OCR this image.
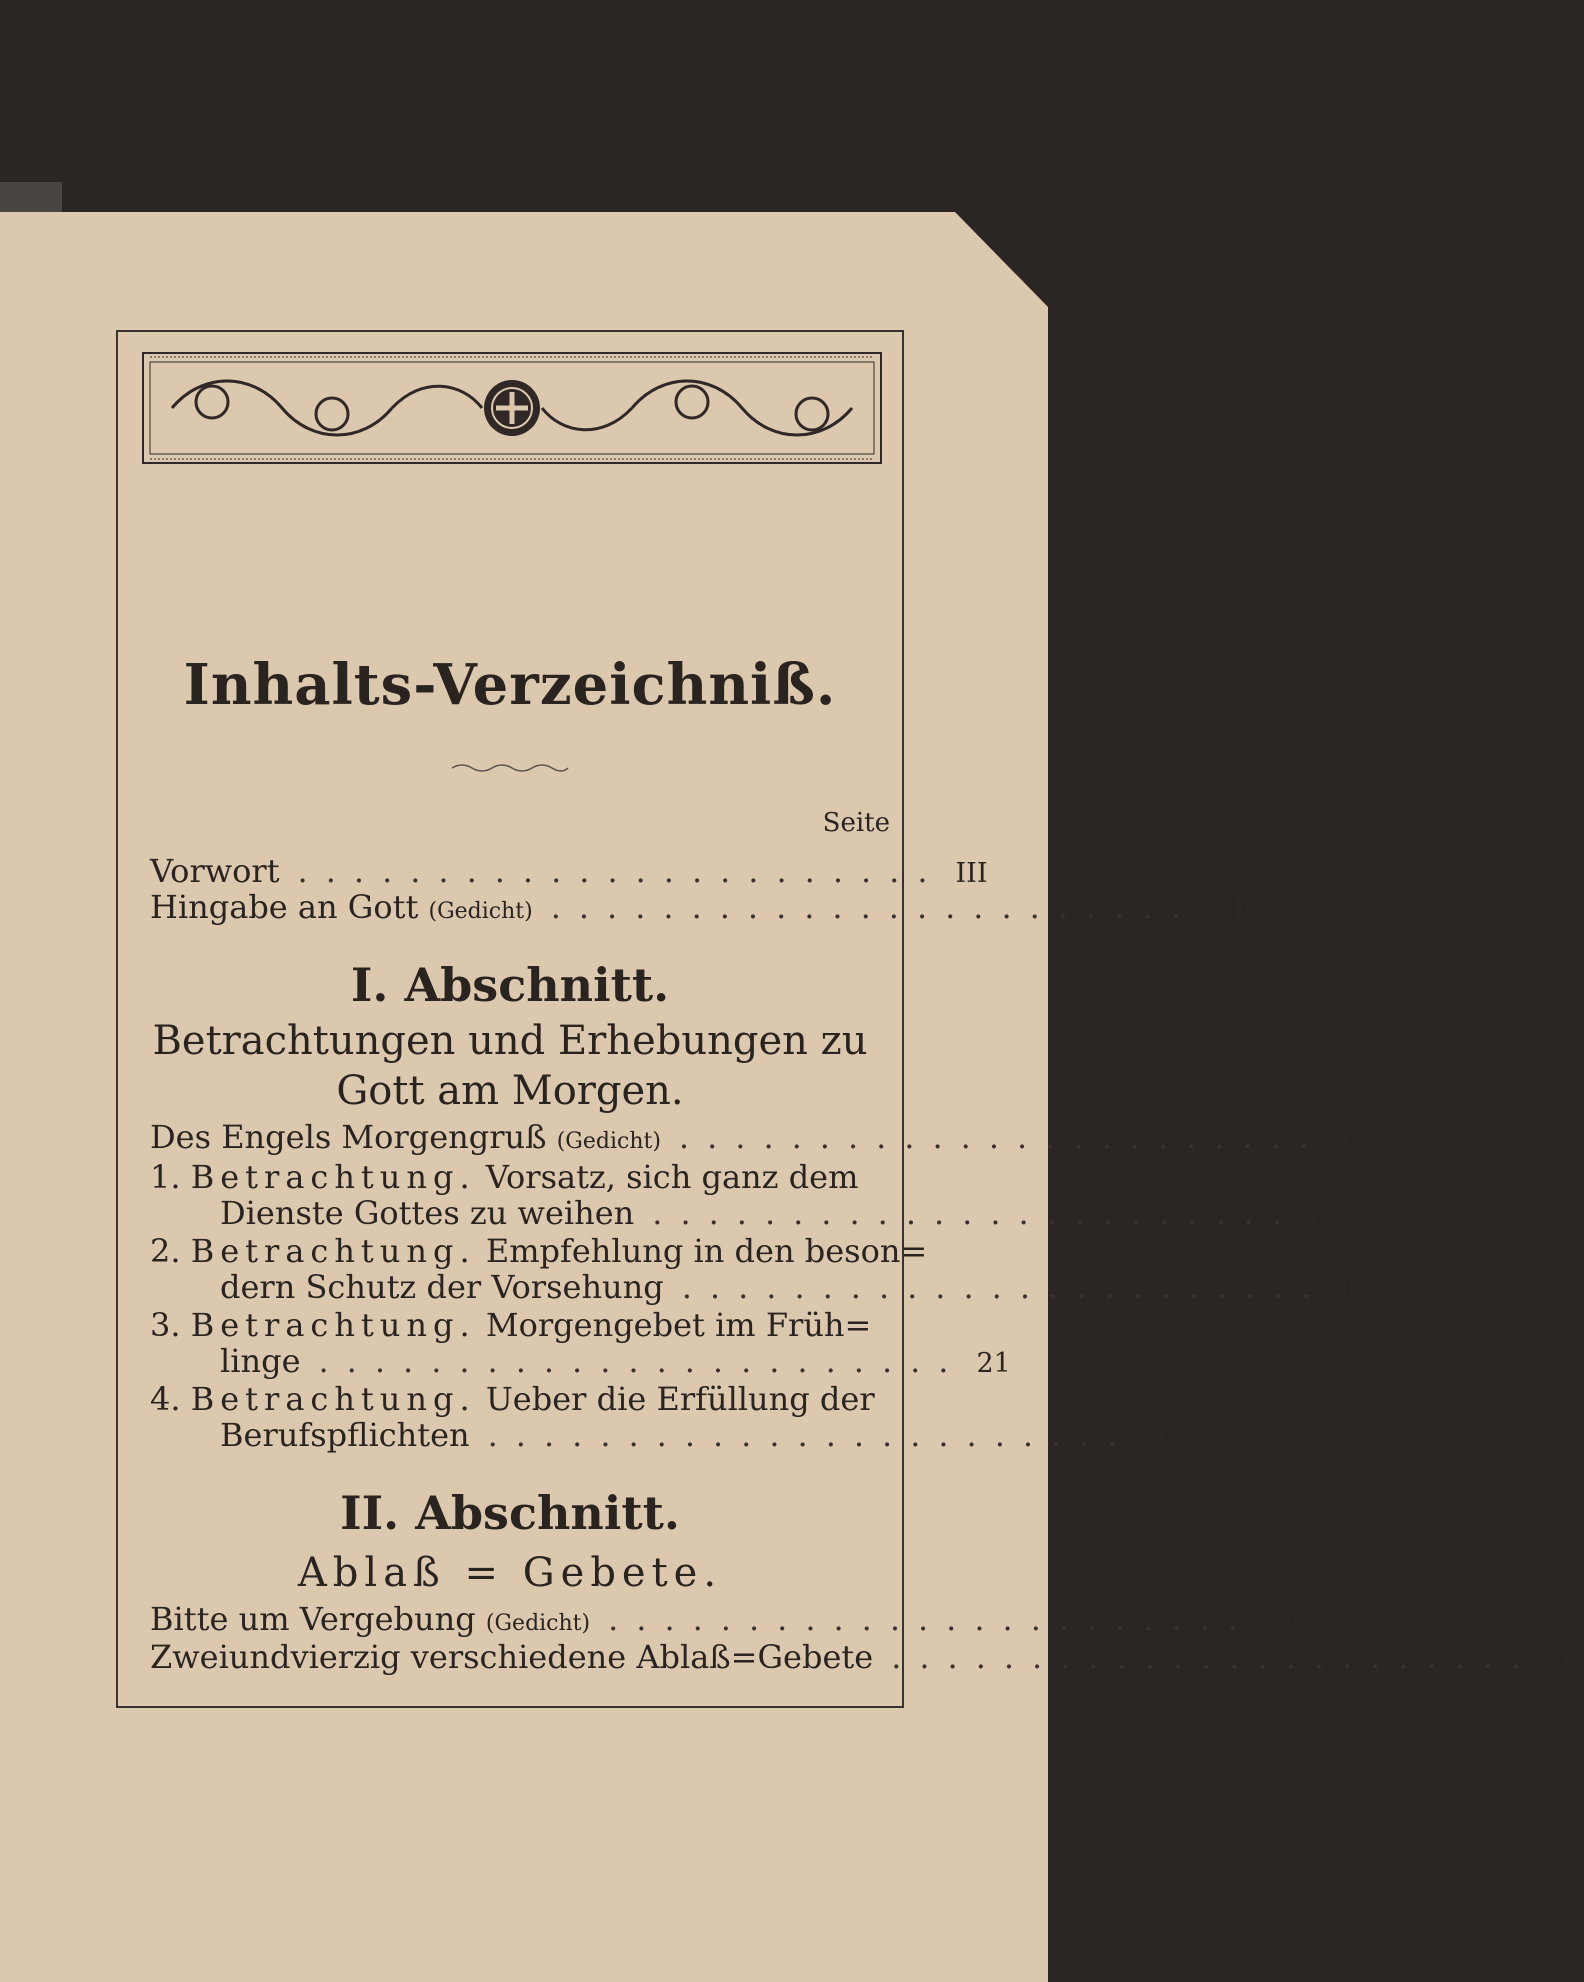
Inhalts-Verzeichniß.
Seite
Vorwort ....................... III
Hingabe an Gott (Gedicht) ....................... VII
I. Abschnitt.
Betrachtungen und Erhebungen zu
Gott am Morgen.
Des Engels Morgengruß (Gedicht) ....................... 9
1. Betrachtung. Vorsatz, sich ganz dem
Dienste Gottes zu weihen ....................... 11
2. Betrachtung. Empfehlung in den beson=
dern Schutz der Vorsehung ....................... 16
3. Betrachtung. Morgengebet im Früh=
linge ....................... 21
4. Betrachtung. Ueber die Erfüllung der
Berufspflichten ....................... 26
II. Abschnitt.
Ablaß = Gebete.
Bitte um Vergebung (Gedicht) ....................... 31
Zweiundvierzig verschiedene Ablaß=Gebete ....................... 33
